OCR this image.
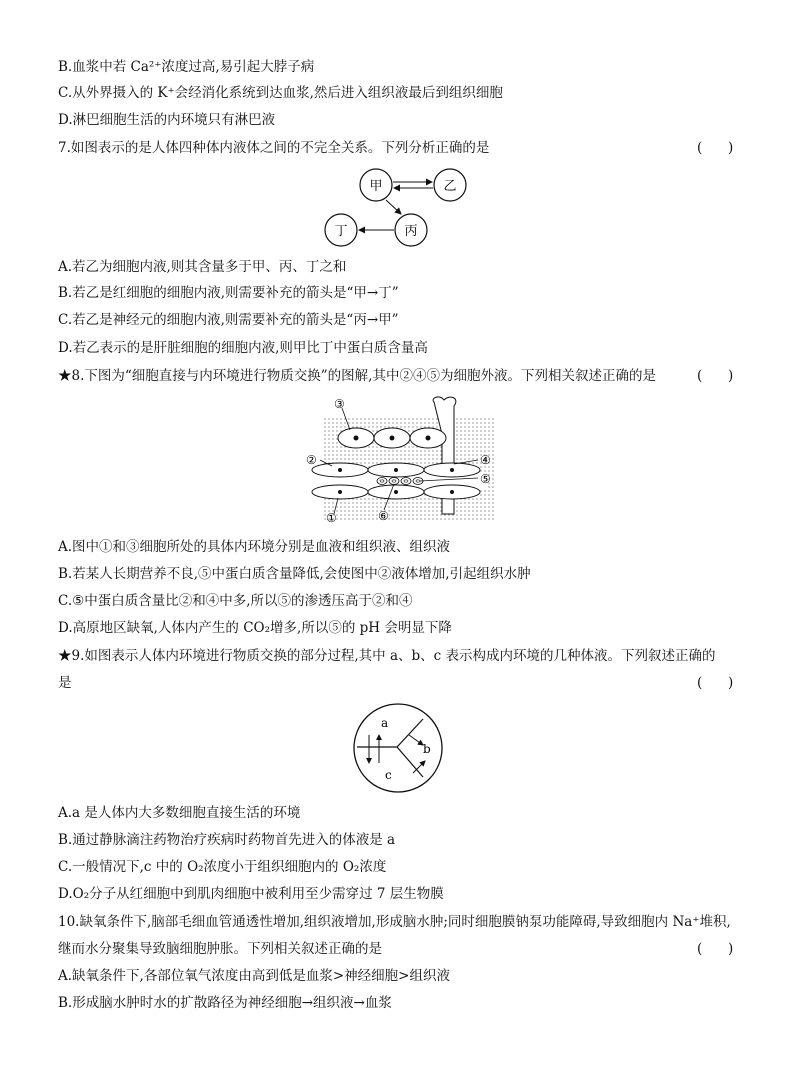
B.血浆中若 Ca²⁺浓度过高,易引起大脖子病
C.从外界摄入的 K⁺会经消化系统到达血浆,然后进入组织液最后到组织细胞
D.淋巴细胞生活的内环境只有淋巴液
7.如图表示的是人体四种体内液体之间的不完全关系。下列分析正确的是	(      )
甲	乙
丁	丙
A.若乙为细胞内液,则其含量多于甲、丙、丁之和
B.若乙是红细胞的细胞内液,则需要补充的箭头是“甲→丁”
C.若乙是神经元的细胞内液,则需要补充的箭头是“丙→甲”
D.若乙表示的是肝脏细胞的细胞内液,则甲比丁中蛋白质含量高
★8.下图为“细胞直接与内环境进行物质交换”的图解,其中②④⑤为细胞外液。下列相关叙述正确的是	(      )
③
②	④
⑤
①	⑥
A.图中①和③细胞所处的具体内环境分别是血液和组织液、组织液
B.若某人长期营养不良,⑤中蛋白质含量降低,会使图中②液体增加,引起组织水肿
C.⑤中蛋白质含量比②和④中多,所以⑤的渗透压高于②和④
D.高原地区缺氧,人体内产生的 CO₂增多,所以⑤的 pH 会明显下降
★9.如图表示人体内环境进行物质交换的部分过程,其中 a、b、c 表示构成内环境的几种体液。下列叙述正确的
是	(      )
a
b
c
A.a 是人体内大多数细胞直接生活的环境
B.通过静脉滴注药物治疗疾病时药物首先进入的体液是 a
C.一般情况下,c 中的 O₂浓度小于组织细胞内的 O₂浓度
D.O₂分子从红细胞中到肌肉细胞中被利用至少需穿过 7 层生物膜
10.缺氧条件下,脑部毛细血管通透性增加,组织液增加,形成脑水肿;同时细胞膜钠泵功能障碍,导致细胞内 Na⁺堆积,
继而水分聚集导致脑细胞肿胀。下列相关叙述正确的是	(      )
A.缺氧条件下,各部位氧气浓度由高到低是血浆>神经细胞>组织液
B.形成脑水肿时水的扩散路径为神经细胞→组织液→血浆
